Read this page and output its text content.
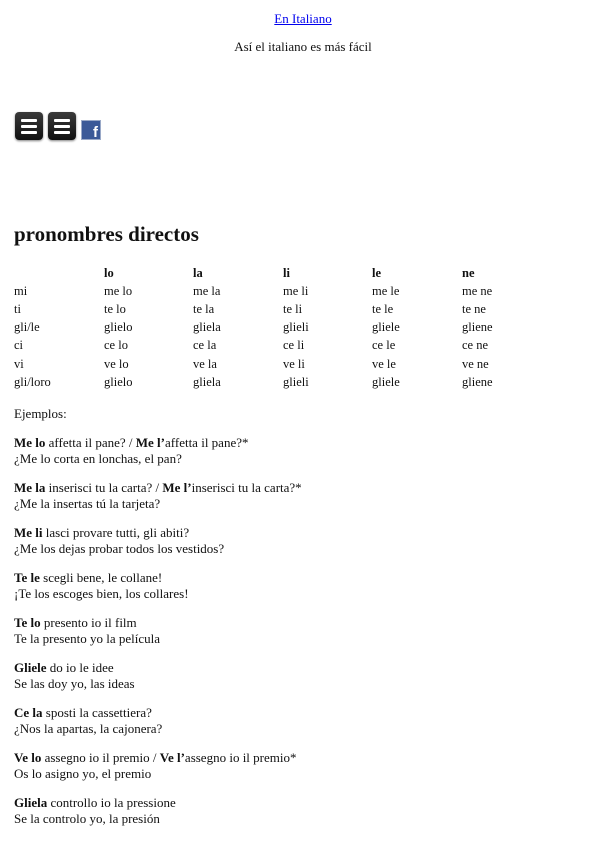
En Italiano
Así el italiano es más fácil
f
pronombres directos
	lo	la	li	le	ne
mi	me lo	me la	me li	me le	me ne
ti	te lo	te la	te li	te le	te ne
gli/le	glielo	gliela	glieli	gliele	gliene
ci	ce lo	ce la	ce li	ce le	ce ne
vi	ve lo	ve la	ve li	ve le	ve ne
gli/loro	glielo	gliela	glieli	gliele	gliene
Ejemplos:
Me lo affetta il pane? / Me l’affetta il pane?*
¿Me lo corta en lonchas, el pan?
Me la inserisci tu la carta? / Me l’inserisci tu la carta?*
¿Me la insertas tú la tarjeta?
Me li lasci provare tutti, gli abiti?
¿Me los dejas probar todos los vestidos?
Te le scegli bene, le collane!
¡Te los escoges bien, los collares!
Te lo presento io il film
Te la presento yo la película
Gliele do io le idee
Se las doy yo, las ideas
Ce la sposti la cassettiera?
¿Nos la apartas, la cajonera?
Ve lo assegno io il premio / Ve l’assegno io il premio*
Os lo asigno yo, el premio
Gliela controllo io la pressione
Se la controlo yo, la presión
